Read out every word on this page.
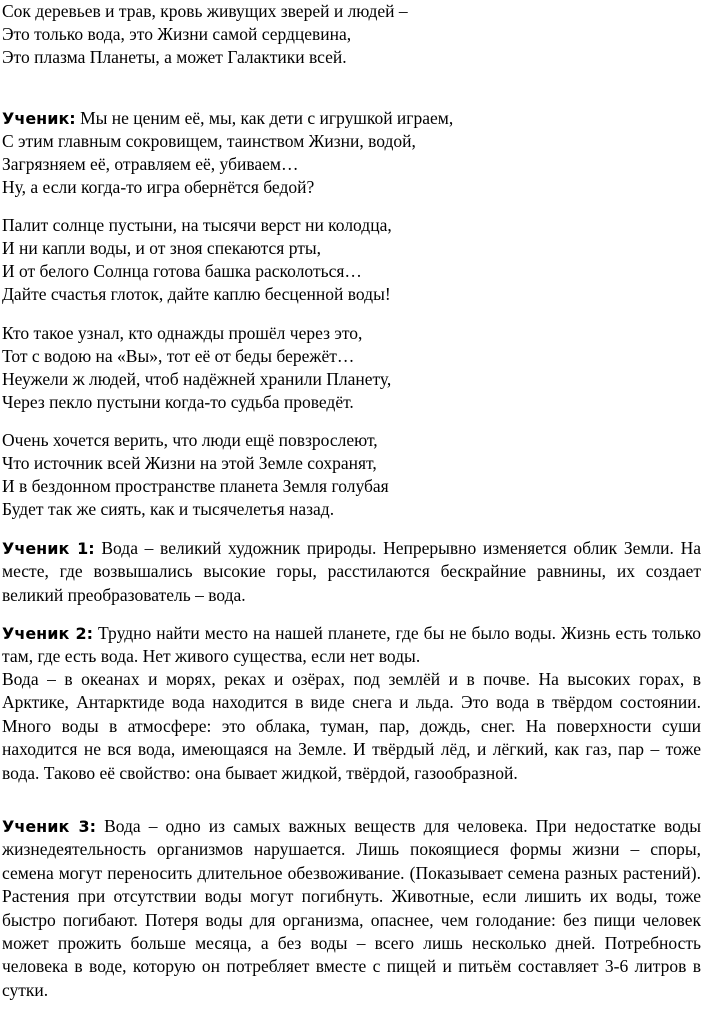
Сок деревьев и трав, кровь живущих зверей и людей –
Это только вода, это Жизни самой сердцевина,
Это плазма Планеты, а может Галактики всей.
Ученик: Мы не ценим её, мы, как дети с игрушкой играем,
С этим главным сокровищем, таинством Жизни, водой,
Загрязняем её, отравляем её, убиваем…
Ну, а если когда-то игра обернётся бедой?
Палит солнце пустыни, на тысячи верст ни колодца,
И ни капли воды, и от зноя спекаются рты,
И от белого Солнца готова башка расколоться…
Дайте счастья глоток, дайте каплю бесценной воды!
Кто такое узнал, кто однажды прошёл через это,
Тот с водою на «Вы», тот её от беды бережёт…
Неужели ж людей, чтоб надёжней хранили Планету,
Через пекло пустыни когда-то судьба проведёт.
Очень хочется верить, что люди ещё повзрослеют,
Что источник всей Жизни на этой Земле сохранят,
И в бездонном пространстве планета Земля голубая
Будет так же сиять, как и тысячелетья назад.
Ученик 1: Вода – великий художник природы. Непрерывно изменяется облик Земли. На месте, где возвышались высокие горы, расстилаются бескрайние равнины, их создает великий преобразователь – вода.
Ученик 2: Трудно найти место на нашей планете, где бы не было воды. Жизнь есть только там, где есть вода. Нет живого существа, если нет воды.
Вода – в океанах и морях, реках и озёрах, под землёй и в почве. На высоких горах, в Арктике, Антарктиде вода находится в виде снега и льда. Это вода в твёрдом состоянии. Много воды в атмосфере: это облака, туман, пар, дождь, снег. На поверхности суши находится не вся вода, имеющаяся на Земле. И твёрдый лёд, и лёгкий, как газ, пар – тоже вода. Таково её свойство: она бывает жидкой, твёрдой, газообразной.
Ученик 3: Вода – одно из самых важных веществ для человека. При недостатке воды жизнедеятельность организмов нарушается. Лишь покоящиеся формы жизни – споры, семена могут переносить длительное обезвоживание. (Показывает семена разных растений). Растения при отсутствии воды могут погибнуть. Животные, если лишить их воды, тоже быстро погибают. Потеря воды для организма, опаснее, чем голодание: без пищи человек может прожить больше месяца, а без воды – всего лишь несколько дней. Потребность человека в воде, которую он потребляет вместе с пищей и питьём составляет 3-6 литров в сутки.
